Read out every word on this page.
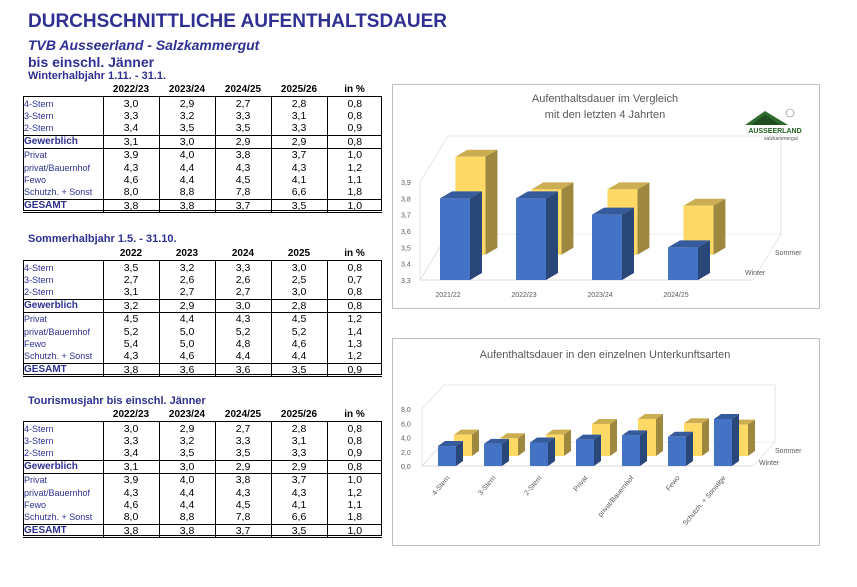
DURCHSCHNITTLICHE AUFENTHALTSDAUER
TVB Ausseerland - Salzkammergut
bis einschl. Jänner
Winterhalbjahr 1.11. - 31.1.
	2022/23	2023/24	2024/25	2025/26	in %
4-Stern	3,0	2,9	2,7	2,8	0,8
3-Stern	3,3	3,2	3,3	3,1	0,8
2-Stern	3,4	3,5	3,5	3,3	0,9
Gewerblich	3,1	3,0	2,9	2,9	0,8
Privat	3,9	4,0	3,8	3,7	1,0
privat/Bauernhof	4,3	4,4	4,3	4,3	1,2
Fewo	4,6	4,4	4,5	4,1	1,1
Schutzh. + Sonst	8,0	8,8	7,8	6,6	1,8
GESAMT	3,8	3,8	3,7	3,5	1,0
Sommerhalbjahr 1.5. - 31.10.
	2022	2023	2024	2025	in %
4-Stern	3,5	3,2	3,3	3,0	0,8
3-Stern	2,7	2,6	2,6	2,5	0,7
2-Stern	3,1	2,7	2,7	3,0	0,8
Gewerblich	3,2	2,9	3,0	2,8	0,8
Privat	4,5	4,4	4,3	4,5	1,2
privat/Bauernhof	5,2	5,0	5,2	5,2	1,4
Fewo	5,4	5,0	4,8	4,6	1,3
Schutzh. + Sonst	4,3	4,6	4,4	4,4	1,2
GESAMT	3,8	3,6	3,6	3,5	0,9
Tourismusjahr bis einschl. Jänner
	2022/23	2023/24	2024/25	2025/26	in %
4-Stern	3,0	2,9	2,7	2,8	0,8
3-Stern	3,3	3,2	3,3	3,1	0,8
2-Stern	3,4	3,5	3,5	3,3	0,9
Gewerblich	3,1	3,0	2,9	2,9	0,8
Privat	3,9	4,0	3,8	3,7	1,0
privat/Bauernhof	4,3	4,4	4,3	4,3	1,2
Fewo	4,6	4,4	4,5	4,1	1,1
Schutzh. + Sonst	8,0	8,8	7,8	6,6	1,8
GESAMT	3,8	3,8	3,7	3,5	1,0
Aufenthaltsdauer im Vergleich
mit den letzten 4 Jahrten
AUSSEERLAND
salzkammergut
3,3
3,4
3,5
3,6
3,7
3,8
3,9
2021/22	2022/23	2023/24	2024/25
Sommer
Winter
Aufenthaltsdauer in den einzelnen Unterkunftsarten
0,0
2,0
4,0
6,0
8,0
4-Stern	3-Stern	2-Stern	Privat privat/Bauernhof	Fewo Schutzh. + Sonstige
Sommer
Winter
